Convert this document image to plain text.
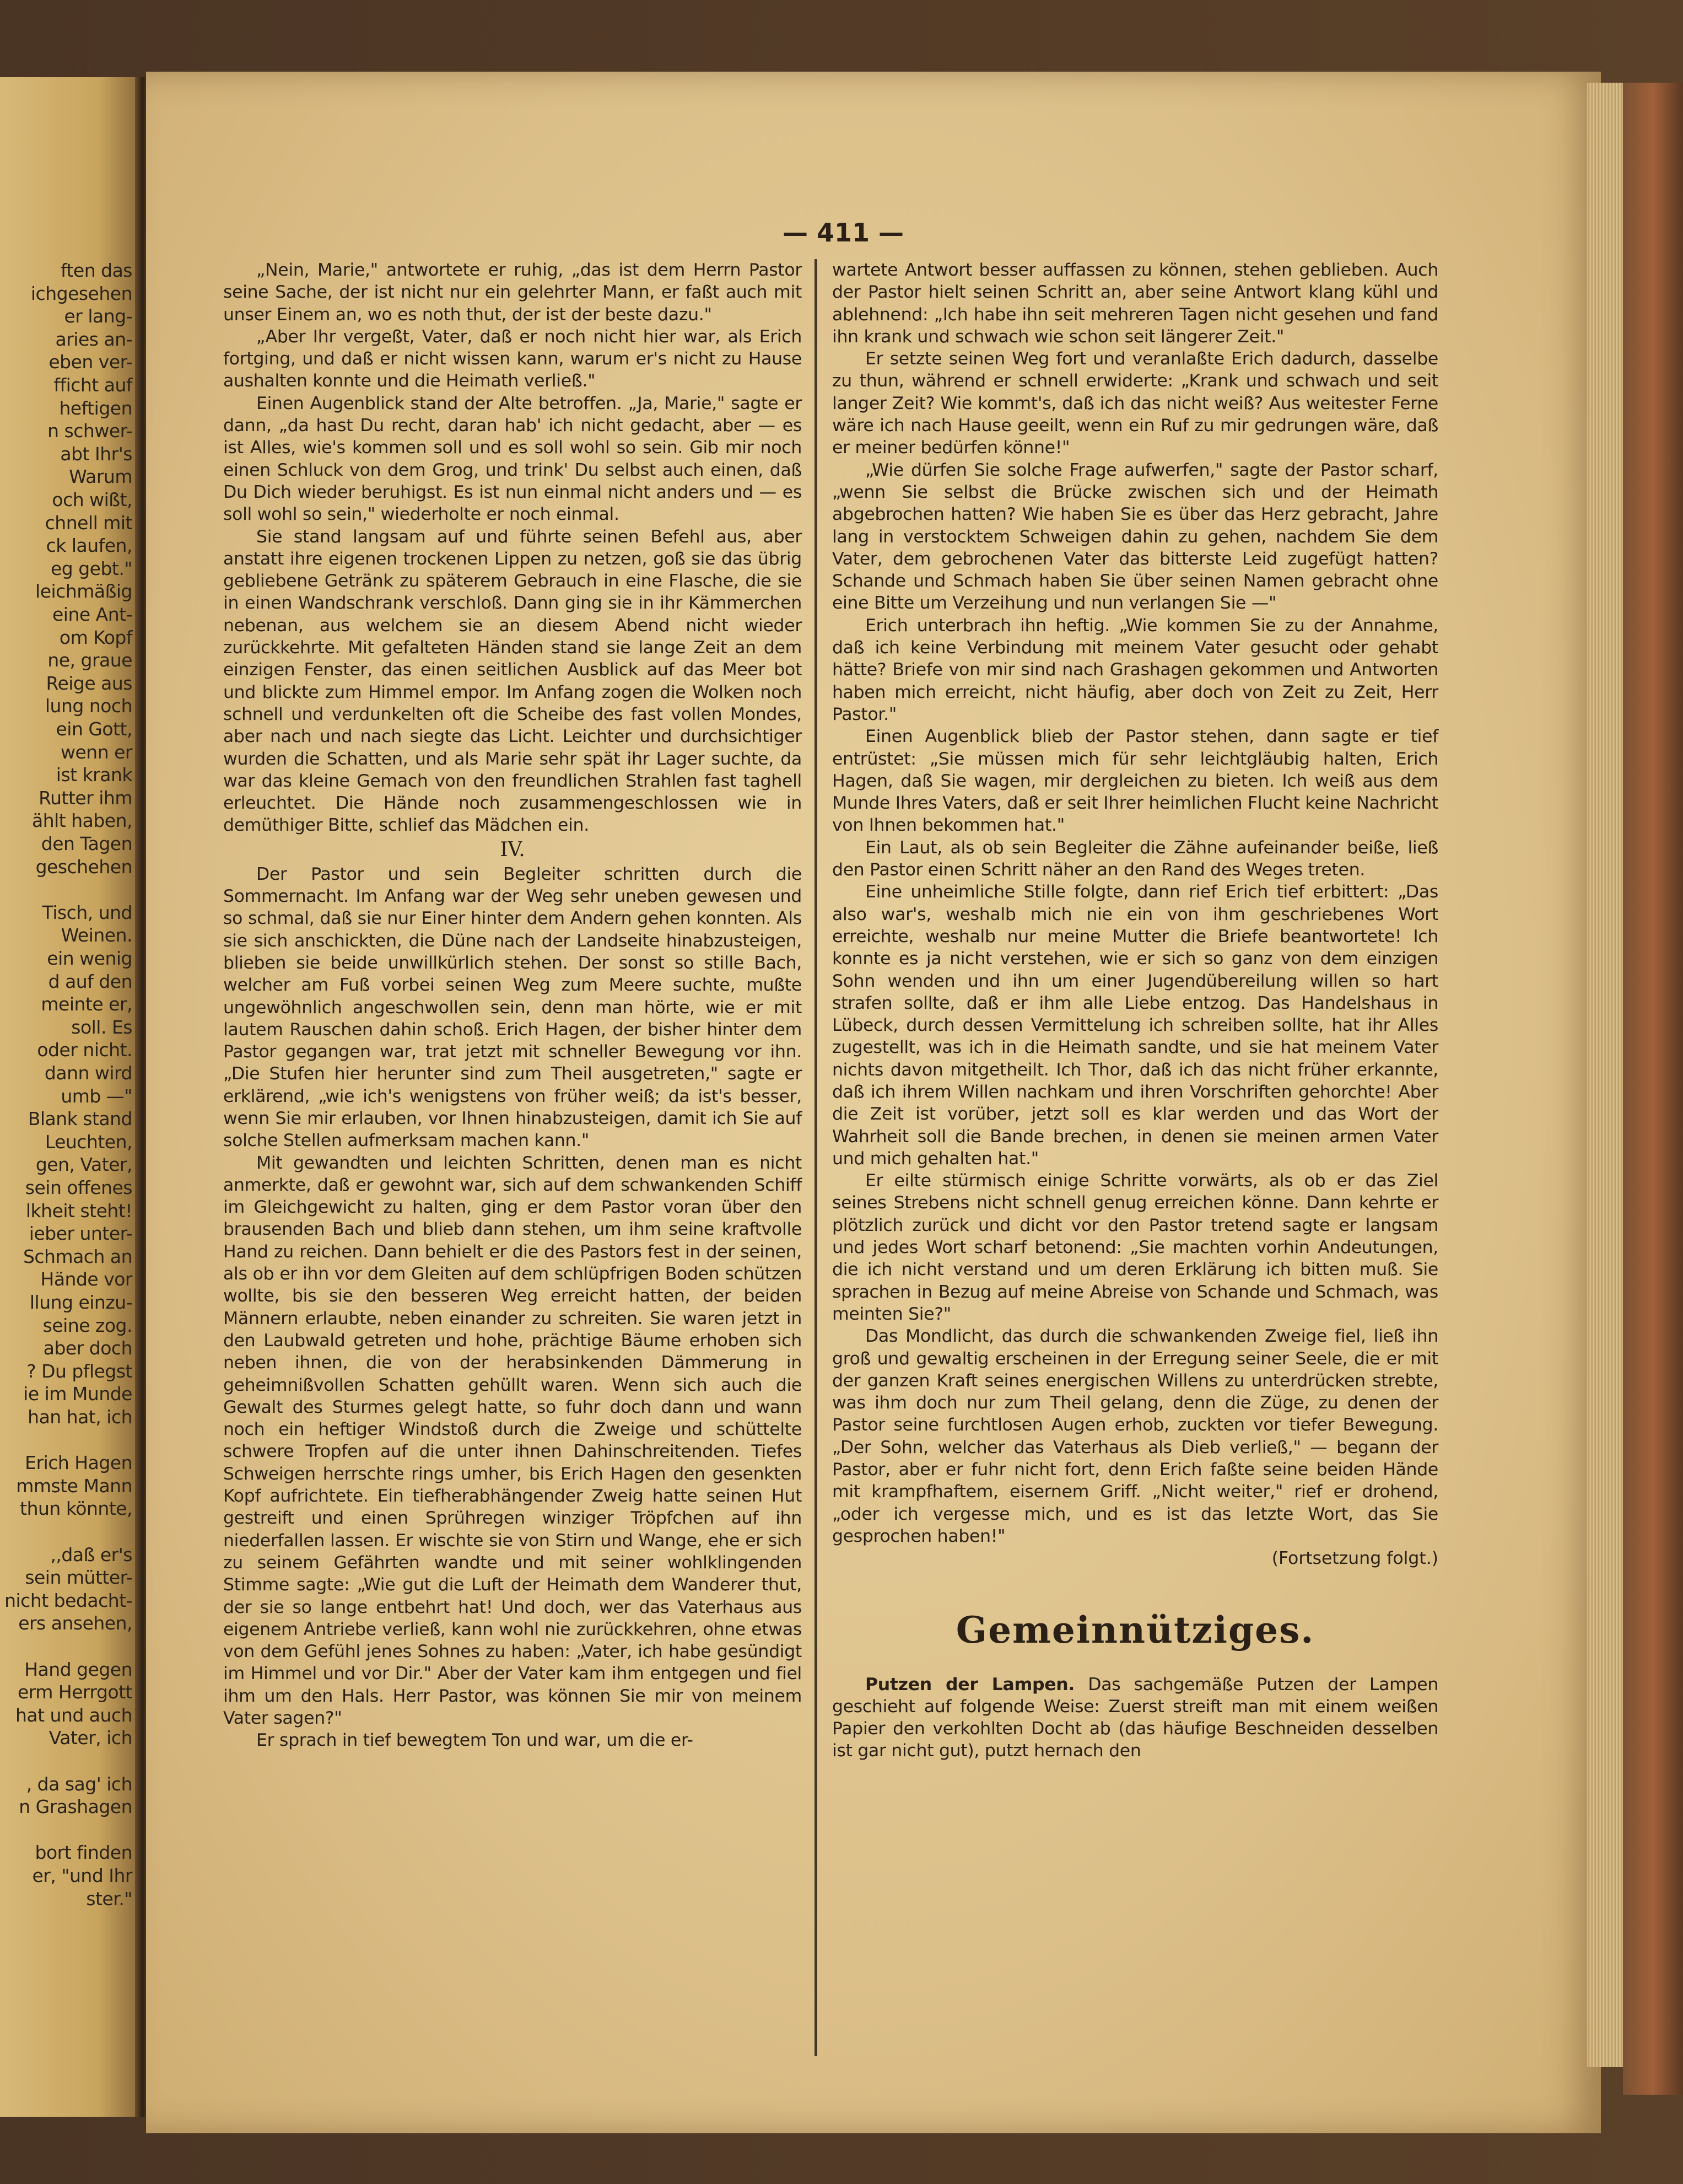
ften das
ichgesehen
er lang-
aries an-
eben ver-
fficht auf
heftigen
n schwer-
abt Ihr's
Warum
och wißt,
chnell mit
ck laufen,
eg gebt."
leichmäßig
eine Ant-
om Kopf
ne, graue
Reige aus
lung noch
ein Gott,
wenn er
ist krank
Rutter ihm
ählt haben,
den Tagen
geschehen
Tisch, und
Weinen.
ein wenig
d auf den
meinte er,
soll. Es
oder nicht.
dann wird
umb —"
Blank stand
Leuchten,
gen, Vater,
sein offenes
lkheit steht!
ieber unter-
Schmach an
Hände vor
llung einzu-
seine zog.
aber doch
? Du pflegst
ie im Munde
han hat, ich
Erich Hagen
mmste Mann
thun könnte,
,,daß er's
sein mütter-
nicht bedacht-
ers ansehen,
Hand gegen
erm Herrgott
hat und auch
Vater, ich
, da sag' ich
n Grashagen
bort finden
er, "und Ihr
ster."
— 411 —

„Nein, Marie," antwortete er ruhig, „das ist dem Herrn Pastor seine Sache, der ist nicht nur ein gelehrter Mann, er faßt auch mit unser Einem an, wo es noth thut, der ist der beste dazu."

„Aber Ihr vergeßt, Vater, daß er noch nicht hier war, als Erich fortging, und daß er nicht wissen kann, warum er's nicht zu Hause aushalten konnte und die Heimath verließ."

Einen Augenblick stand der Alte betroffen. „Ja, Marie," sagte er dann, „da hast Du recht, daran hab' ich nicht gedacht, aber — es ist Alles, wie's kommen soll und es soll wohl so sein. Gib mir noch einen Schluck von dem Grog, und trink' Du selbst auch einen, daß Du Dich wieder beruhigst. Es ist nun einmal nicht anders und — es soll wohl so sein," wiederholte er noch einmal.

Sie stand langsam auf und führte seinen Befehl aus, aber anstatt ihre eigenen trockenen Lippen zu netzen, goß sie das übrig gebliebene Getränk zu späterem Gebrauch in eine Flasche, die sie in einen Wandschrank verschloß. Dann ging sie in ihr Kämmerchen nebenan, aus welchem sie an diesem Abend nicht wieder zurückkehrte. Mit gefalteten Händen stand sie lange Zeit an dem einzigen Fenster, das einen seitlichen Ausblick auf das Meer bot und blickte zum Himmel empor. Im Anfang zogen die Wolken noch schnell und verdunkelten oft die Scheibe des fast vollen Mondes, aber nach und nach siegte das Licht. Leichter und durchsichtiger wurden die Schatten, und als Marie sehr spät ihr Lager suchte, da war das kleine Gemach von den freundlichen Strahlen fast taghell erleuchtet. Die Hände noch zusammengeschlossen wie in demüthiger Bitte, schlief das Mädchen ein.

IV.

Der Pastor und sein Begleiter schritten durch die Sommernacht. Im Anfang war der Weg sehr uneben gewesen und so schmal, daß sie nur Einer hinter dem Andern gehen konnten. Als sie sich anschickten, die Düne nach der Landseite hinabzusteigen, blieben sie beide unwillkürlich stehen. Der sonst so stille Bach, welcher am Fuß vorbei seinen Weg zum Meere suchte, mußte ungewöhnlich angeschwollen sein, denn man hörte, wie er mit lautem Rauschen dahin schoß. Erich Hagen, der bisher hinter dem Pastor gegangen war, trat jetzt mit schneller Bewegung vor ihn. „Die Stufen hier herunter sind zum Theil ausgetreten," sagte er erklärend, „wie ich's wenigstens von früher weiß; da ist's besser, wenn Sie mir erlauben, vor Ihnen hinabzusteigen, damit ich Sie auf solche Stellen aufmerksam machen kann."

Mit gewandten und leichten Schritten, denen man es nicht anmerkte, daß er gewohnt war, sich auf dem schwankenden Schiff im Gleichgewicht zu halten, ging er dem Pastor voran über den brausenden Bach und blieb dann stehen, um ihm seine kraftvolle Hand zu reichen. Dann behielt er die des Pastors fest in der seinen, als ob er ihn vor dem Gleiten auf dem schlüpfrigen Boden schützen wollte, bis sie den besseren Weg erreicht hatten, der beiden Männern erlaubte, neben einander zu schreiten. Sie waren jetzt in den Laubwald getreten und hohe, prächtige Bäume erhoben sich neben ihnen, die von der herabsinkenden Dämmerung in geheimnißvollen Schatten gehüllt waren. Wenn sich auch die Gewalt des Sturmes gelegt hatte, so fuhr doch dann und wann noch ein heftiger Windstoß durch die Zweige und schüttelte schwere Tropfen auf die unter ihnen Dahinschreitenden. Tiefes Schweigen herrschte rings umher, bis Erich Hagen den gesenkten Kopf aufrichtete. Ein tiefherabhängender Zweig hatte seinen Hut gestreift und einen Sprühregen winziger Tröpfchen auf ihn niederfallen lassen. Er wischte sie von Stirn und Wange, ehe er sich zu seinem Gefährten wandte und mit seiner wohlklingenden Stimme sagte: „Wie gut die Luft der Heimath dem Wanderer thut, der sie so lange entbehrt hat! Und doch, wer das Vaterhaus aus eigenem Antriebe verließ, kann wohl nie zurückkehren, ohne etwas von dem Gefühl jenes Sohnes zu haben: „Vater, ich habe gesündigt im Himmel und vor Dir." Aber der Vater kam ihm entgegen und fiel ihm um den Hals. Herr Pastor, was können Sie mir von meinem Vater sagen?"

Er sprach in tief bewegtem Ton und war, um die er-

wartete Antwort besser auffassen zu können, stehen geblieben. Auch der Pastor hielt seinen Schritt an, aber seine Antwort klang kühl und ablehnend: „Ich habe ihn seit mehreren Tagen nicht gesehen und fand ihn krank und schwach wie schon seit längerer Zeit."

Er setzte seinen Weg fort und veranlaßte Erich dadurch, dasselbe zu thun, während er schnell erwiderte: „Krank und schwach und seit langer Zeit? Wie kommt's, daß ich das nicht weiß? Aus weitester Ferne wäre ich nach Hause geeilt, wenn ein Ruf zu mir gedrungen wäre, daß er meiner bedürfen könne!"

„Wie dürfen Sie solche Frage aufwerfen," sagte der Pastor scharf, „wenn Sie selbst die Brücke zwischen sich und der Heimath abgebrochen hatten? Wie haben Sie es über das Herz gebracht, Jahre lang in verstocktem Schweigen dahin zu gehen, nachdem Sie dem Vater, dem gebrochenen Vater das bitterste Leid zugefügt hatten? Schande und Schmach haben Sie über seinen Namen gebracht ohne eine Bitte um Verzeihung und nun verlangen Sie —"

Erich unterbrach ihn heftig. „Wie kommen Sie zu der Annahme, daß ich keine Verbindung mit meinem Vater gesucht oder gehabt hätte? Briefe von mir sind nach Grashagen gekommen und Antworten haben mich erreicht, nicht häufig, aber doch von Zeit zu Zeit, Herr Pastor."

Einen Augenblick blieb der Pastor stehen, dann sagte er tief entrüstet: „Sie müssen mich für sehr leichtgläubig halten, Erich Hagen, daß Sie wagen, mir dergleichen zu bieten. Ich weiß aus dem Munde Ihres Vaters, daß er seit Ihrer heimlichen Flucht keine Nachricht von Ihnen bekommen hat."

Ein Laut, als ob sein Begleiter die Zähne aufeinander beiße, ließ den Pastor einen Schritt näher an den Rand des Weges treten.

Eine unheimliche Stille folgte, dann rief Erich tief erbittert: „Das also war's, weshalb mich nie ein von ihm geschriebenes Wort erreichte, weshalb nur meine Mutter die Briefe beantwortete! Ich konnte es ja nicht verstehen, wie er sich so ganz von dem einzigen Sohn wenden und ihn um einer Jugendübereilung willen so hart strafen sollte, daß er ihm alle Liebe entzog. Das Handelshaus in Lübeck, durch dessen Vermittelung ich schreiben sollte, hat ihr Alles zugestellt, was ich in die Heimath sandte, und sie hat meinem Vater nichts davon mitgetheilt. Ich Thor, daß ich das nicht früher erkannte, daß ich ihrem Willen nachkam und ihren Vorschriften gehorchte! Aber die Zeit ist vorüber, jetzt soll es klar werden und das Wort der Wahrheit soll die Bande brechen, in denen sie meinen armen Vater und mich gehalten hat."

Er eilte stürmisch einige Schritte vorwärts, als ob er das Ziel seines Strebens nicht schnell genug erreichen könne. Dann kehrte er plötzlich zurück und dicht vor den Pastor tretend sagte er langsam und jedes Wort scharf betonend: „Sie machten vorhin Andeutungen, die ich nicht verstand und um deren Erklärung ich bitten muß. Sie sprachen in Bezug auf meine Abreise von Schande und Schmach, was meinten Sie?"

Das Mondlicht, das durch die schwankenden Zweige fiel, ließ ihn groß und gewaltig erscheinen in der Erregung seiner Seele, die er mit der ganzen Kraft seines energischen Willens zu unterdrücken strebte, was ihm doch nur zum Theil gelang, denn die Züge, zu denen der Pastor seine furchtlosen Augen erhob, zuckten vor tiefer Bewegung. „Der Sohn, welcher das Vaterhaus als Dieb verließ," — begann der Pastor, aber er fuhr nicht fort, denn Erich faßte seine beiden Hände mit krampfhaftem, eisernem Griff. „Nicht weiter," rief er drohend, „oder ich vergesse mich, und es ist das letzte Wort, das Sie gesprochen haben!"

(Fortsetzung folgt.)
Gemeinnütziges.

Putzen der Lampen. Das sachgemäße Putzen der Lampen geschieht auf folgende Weise: Zuerst streift man mit einem weißen Papier den verkohlten Docht ab (das häufige Beschneiden desselben ist gar nicht gut), putzt hernach den
